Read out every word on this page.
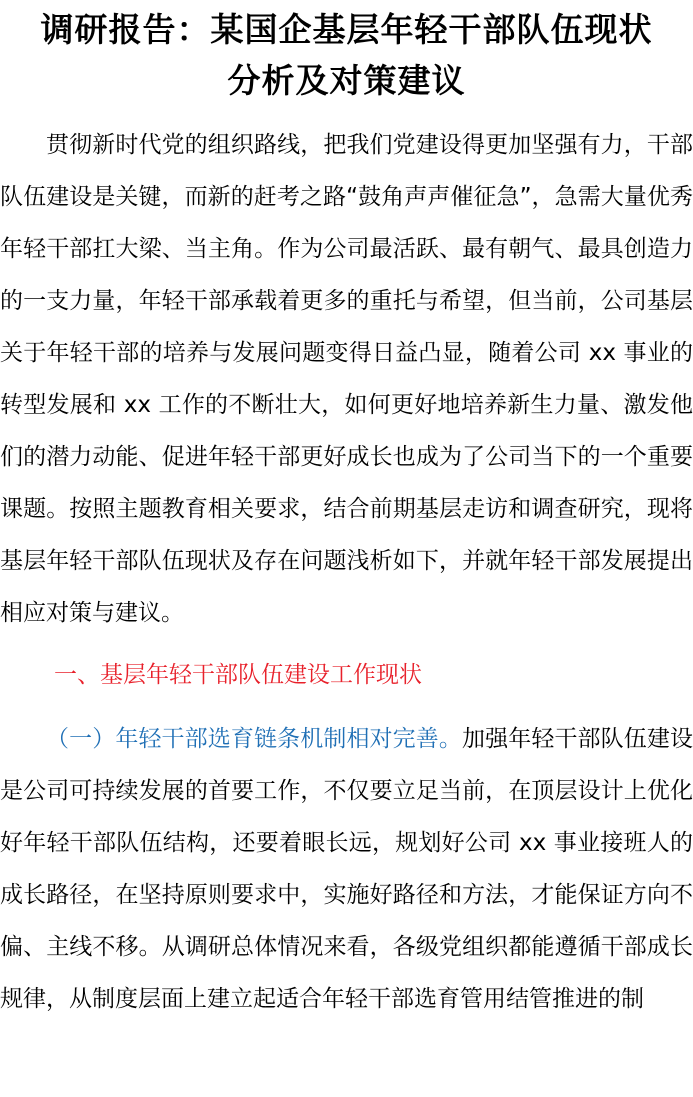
调研报告：某国企基层年轻干部队伍现状
分析及对策建议

贯彻新时代党的组织路线，把我们党建设得更加坚强有力，干部队伍建设是关键，而新的赶考之路“鼓角声声催征急”，急需大量优秀年轻干部扛大梁、当主角。作为公司最活跃、最有朝气、最具创造力的一支力量，年轻干部承载着更多的重托与希望，但当前，公司基层关于年轻干部的培养与发展问题变得日益凸显，随着公司 xx 事业的转型发展和 xx 工作的不断壮大，如何更好地培养新生力量、激发他们的潜力动能、促进年轻干部更好成长也成为了公司当下的一个重要课题。按照主题教育相关要求，结合前期基层走访和调查研究，现将基层年轻干部队伍现状及存在问题浅析如下，并就年轻干部发展提出相应对策与建议。

一、基层年轻干部队伍建设工作现状

（一）年轻干部选育链条机制相对完善。加强年轻干部队伍建设是公司可持续发展的首要工作，不仅要立足当前，在顶层设计上优化好年轻干部队伍结构，还要着眼长远，规划好公司 xx 事业接班人的成长路径，在坚持原则要求中，实施好路径和方法，才能保证方向不偏、主线不移。从调研总体情况来看，各级党组织都能遵循干部成长规律，从制度层面上建立起适合年轻干部选育管用结管推进的制
